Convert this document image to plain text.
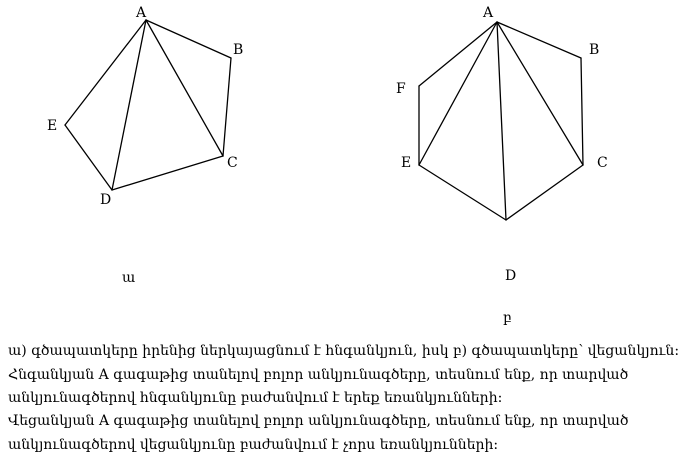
A
B
C
D
E
ա
A
B
C
D
E
F
բ
ա) գծապատկերը իրենից ներկայացնում է հնգանկյուն, իսկ բ) գծապատկերը՝ վեցանկյուն:
Հնգանկյան A գագաթից տանելով բոլոր անկյունագծերը, տեսնում ենք, որ տարված
անկյունագծերով հնգանկյունը բաժանվում է երեք եռանկյունների:
Վեցանկյան A գագաթից տանելով բոլոր անկյունագծերը, տեսնում ենք, որ տարված
անկյունագծերով վեցանկյունը բաժանվում է չորս եռանկյունների:
